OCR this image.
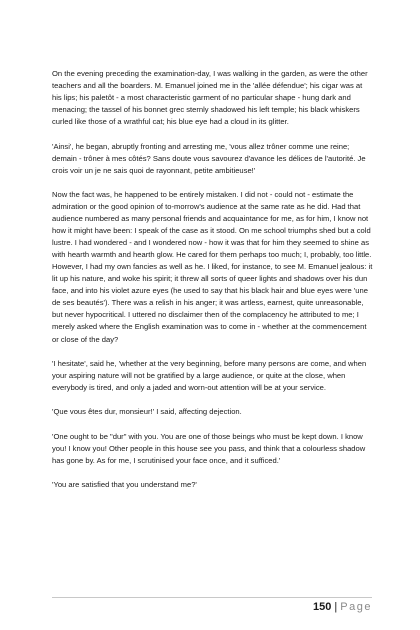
On the evening preceding the examination-day, I was walking in the garden, as were the other teachers and all the boarders. M. Emanuel joined me in the 'allée défendue'; his cigar was at his lips; his paletôt - a most characteristic garment of no particular shape - hung dark and menacing; the tassel of his bonnet grec sternly shadowed his left temple; his black whiskers curled like those of a wrathful cat; his blue eye had a cloud in its glitter.

'Ainsi', he began, abruptly fronting and arresting me, 'vous allez trôner comme une reine; demain - trôner à mes côtés? Sans doute vous savourez d'avance les délices de l'autorité. Je crois voir un je ne sais quoi de rayonnant, petite ambitieuse!'

Now the fact was, he happened to be entirely mistaken. I did not - could not - estimate the admiration or the good opinion of to-morrow's audience at the same rate as he did. Had that audience numbered as many personal friends and acquaintance for me, as for him, I know not how it might have been: I speak of the case as it stood. On me school triumphs shed but a cold lustre. I had wondered - and I wondered now - how it was that for him they seemed to shine as with hearth warmth and hearth glow. He cared for them perhaps too much; I, probably, too little. However, I had my own fancies as well as he. I liked, for instance, to see M. Emanuel jealous: it lit up his nature, and woke his spirit; it threw all sorts of queer lights and shadows over his dun face, and into his violet azure eyes (he used to say that his black hair and blue eyes were 'une de ses beautés'). There was a relish in his anger; it was artless, earnest, quite unreasonable, but never hypocritical. I uttered no disclaimer then of the complacency he attributed to me; I merely asked where the English examination was to come in - whether at the commencement or close of the day?

'I hesitate', said he, 'whether at the very beginning, before many persons are come, and when your aspiring nature will not be gratified by a large audience, or quite at the close, when everybody is tired, and only a jaded and worn-out attention will be at your service.

'Que vous êtes dur, monsieur!' I said, affecting dejection.

'One ought to be "dur" with you. You are one of those beings who must be kept down. I know you! I know you! Other people in this house see you pass, and think that a colourless shadow has gone by. As for me, I scrutinised your face once, and it sufficed.'

'You are satisfied that you understand me?'

150 | Page
